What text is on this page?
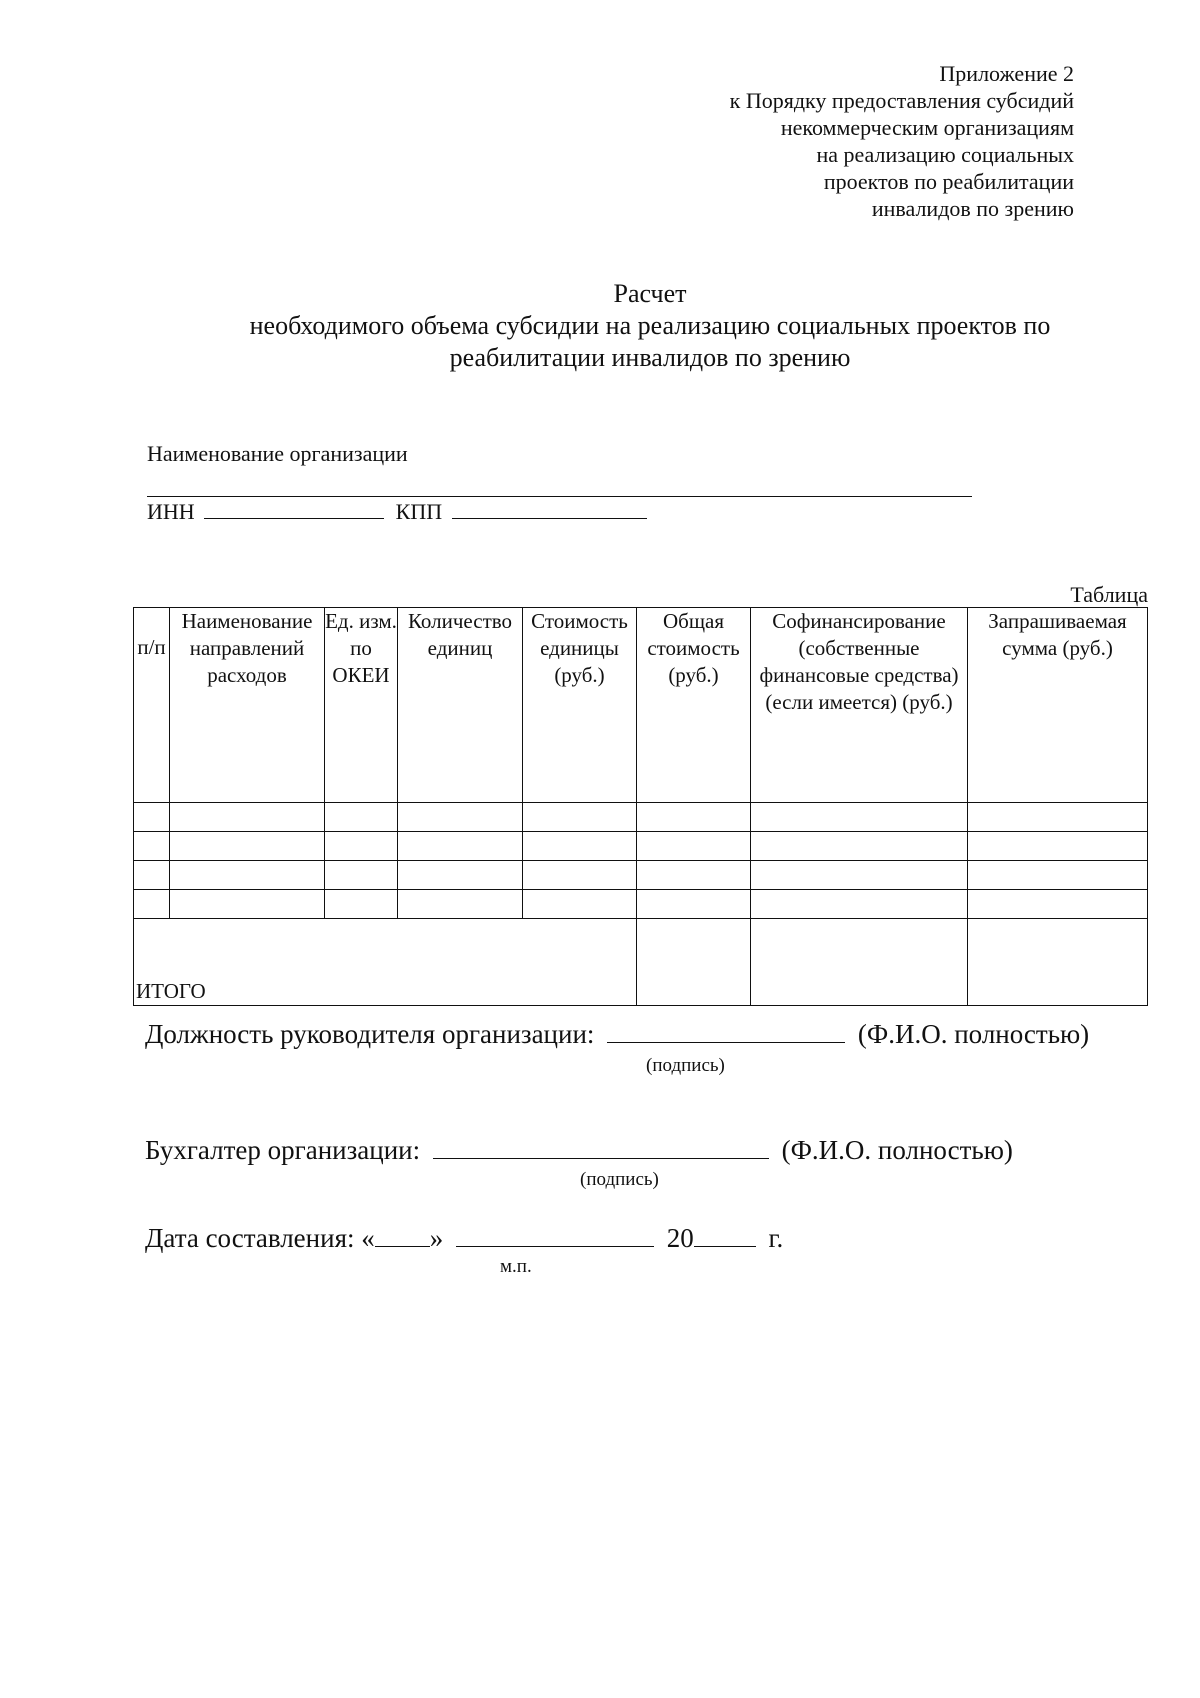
Приложение 2
к Порядку предоставления субсидий
некоммерческим организациям
на реализацию социальных
проектов по реабилитации
инвалидов по зрению
Расчет
необходимого объема субсидии на реализацию социальных проектов по
реабилитации инвалидов по зрению
Наименование организации
ИНН	КПП
Таблица
п/п	Наименование направлений расходов	Ед. изм. по ОКЕИ	Количество единиц	Стоимость единицы (руб.)	Общая стоимость (руб.)	Софинансирование (собственные финансовые средства) (если имеется) (руб.)	Запрашиваемая сумма (руб.)

ИТОГО							
Должность руководителя организации:	(Ф.И.О. полностью)
(подпись)
Бухгалтер организации:	(Ф.И.О. полностью)
(подпись)
Дата составления: « »	20	г.
м.п.
